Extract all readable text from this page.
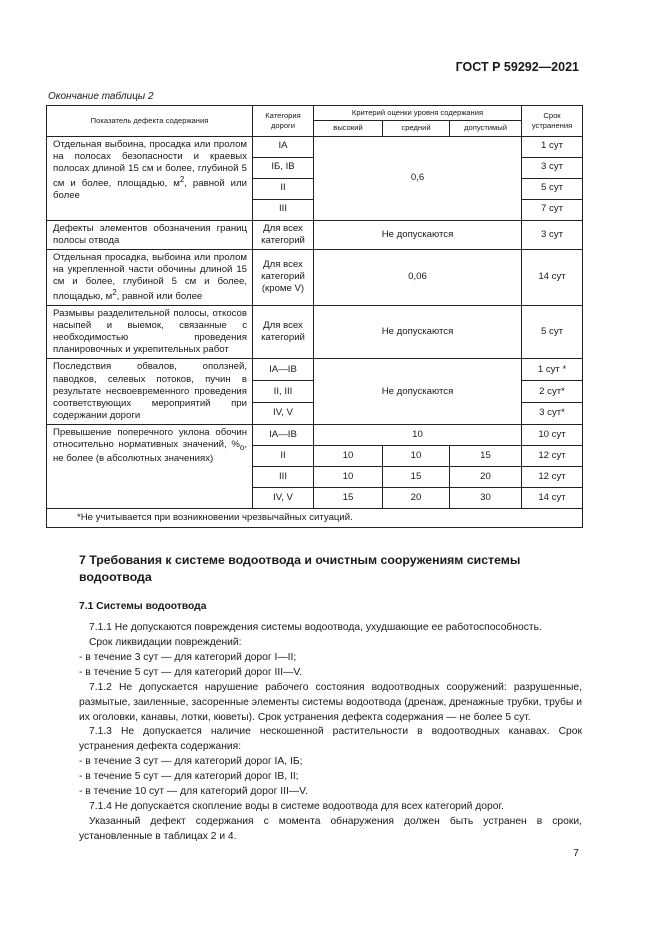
ГОСТ Р 59292—2021
Окончание таблицы 2
Показатель дефекта содержания	Категория дороги	Критерий оценки уровня содержания			Срок устранения
		высокий	средний	допустимый	
Отдельная выбоина, просадка или пролом на полосах безопасности и краевых полосах длиной 15 см и более, глубиной 5 см и более, площадью, $м^2$, равной или более	IA	0,6			1 сут
	IБ, IB				3 сут
	II				5 сут
	III				7 сут
Дефекты элементов обозначения границ полосы отвода	Для всех категорий	Не допускаются			3 сут
Отдельная просадка, выбоина или пролом на укрепленной части обочины длиной 15 см и более, глубиной 5 см и более, площадью, $м^2$, равной или более	Для всех категорий (кроме V)	0,06			14 сут
Размывы разделительной полосы, откосов насыпей и выемок, связанные с необходимостью проведения планировочных и укрепительных работ	Для всех категорий	Не допускаются			5 сут
Последствия обвалов, оползней, паводков, селевых потоков, пучин в результате несвоевременного проведения соответствующих мероприятий при содержании дороги	IA—IB	Не допускаются			1 сут *
	II, III				2 сут*
	IV, V				3 сут*
Превышение поперечного уклона обочин относительно нормативных значений, $\%_о$, не более (в абсолютных значениях)	IA—IB	10			10 сут
	II	10	10	15	12 сут
	III	10	15	20	12 сут
	IV, V	15	20	30	14 сут
*Не учитывается при возникновении чрезвычайных ситуаций.					
7 Требования к системе водоотвода и очистным сооружениям системы водоотвода
7.1 Системы водоотвода

7.1.1 Не допускаются повреждения системы водоотвода, ухудшающие ее работоспособность.

Срок ликвидации повреждений:

- в течение 3 сут — для категорий дорог I—II;

- в течение 5 сут — для категорий дорог III—V.

7.1.2 Не допускается нарушение рабочего состояния водоотводных сооружений: разрушенные, размытые, заиленные, засоренные элементы системы водоотвода (дренаж, дренажные трубки, трубы и их оголовки, канавы, лотки, кюветы). Срок устранения дефекта содержания — не более 5 сут.

7.1.3 Не допускается наличие нескошенной растительности в водоотводных канавах. Срок устранения дефекта содержания:

- в течение 3 сут — для категорий дорог IA, IБ;

- в течение 5 сут — для категорий дорог IB, II;

- в течение 10 сут — для категорий дорог III—V.

7.1.4 Не допускается скопление воды в системе водоотвода для всех категорий дорог.

Указанный дефект содержания с момента обнаружения должен быть устранен в сроки, установленные в таблицах 2 и 4.

7
